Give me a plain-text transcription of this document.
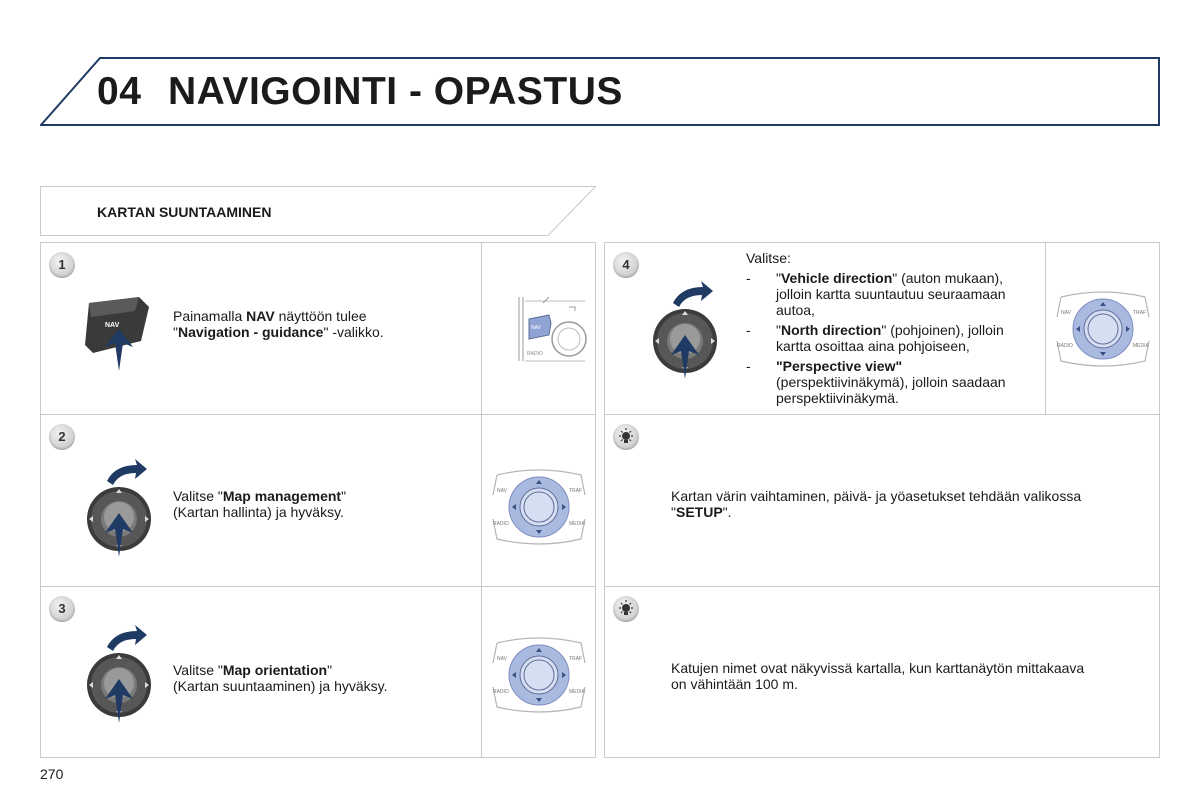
04 NAVIGOINTI - OPASTUS
KARTAN SUUNTAAMINEN
1
NAV
Painamalla NAV näyttöön tulee
"Navigation - guidance" -valikko.	NAV
RADIO
2
Valitse "Map management"
(Kartan hallinta) ja hyväksy.
NAV	TRAF
RADIO	MEDIA
3
Valitse "Map orientation"
(Kartan suuntaaminen) ja hyväksy.
NAV	TRAF
RADIO	MEDIA
4	Valitse:
- "Vehicle direction" (auton mukaan), jolloin kartta suuntautuu seuraamaan autoa,
- "North direction" (pohjoinen), jolloin kartta osoittaa aina pohjoiseen,
- "Perspective view" (perspektiivinäkymä), jolloin saadaan perspektiivinäkymä.
NAV	TRAF
RADIO	MEDIA
Kartan värin vaihtaminen, päivä- ja yöasetukset tehdään valikossa "SETUP".
Katujen nimet ovat näkyvissä kartalla, kun karttanäytön mittakaava on vähintään 100 m.
270
